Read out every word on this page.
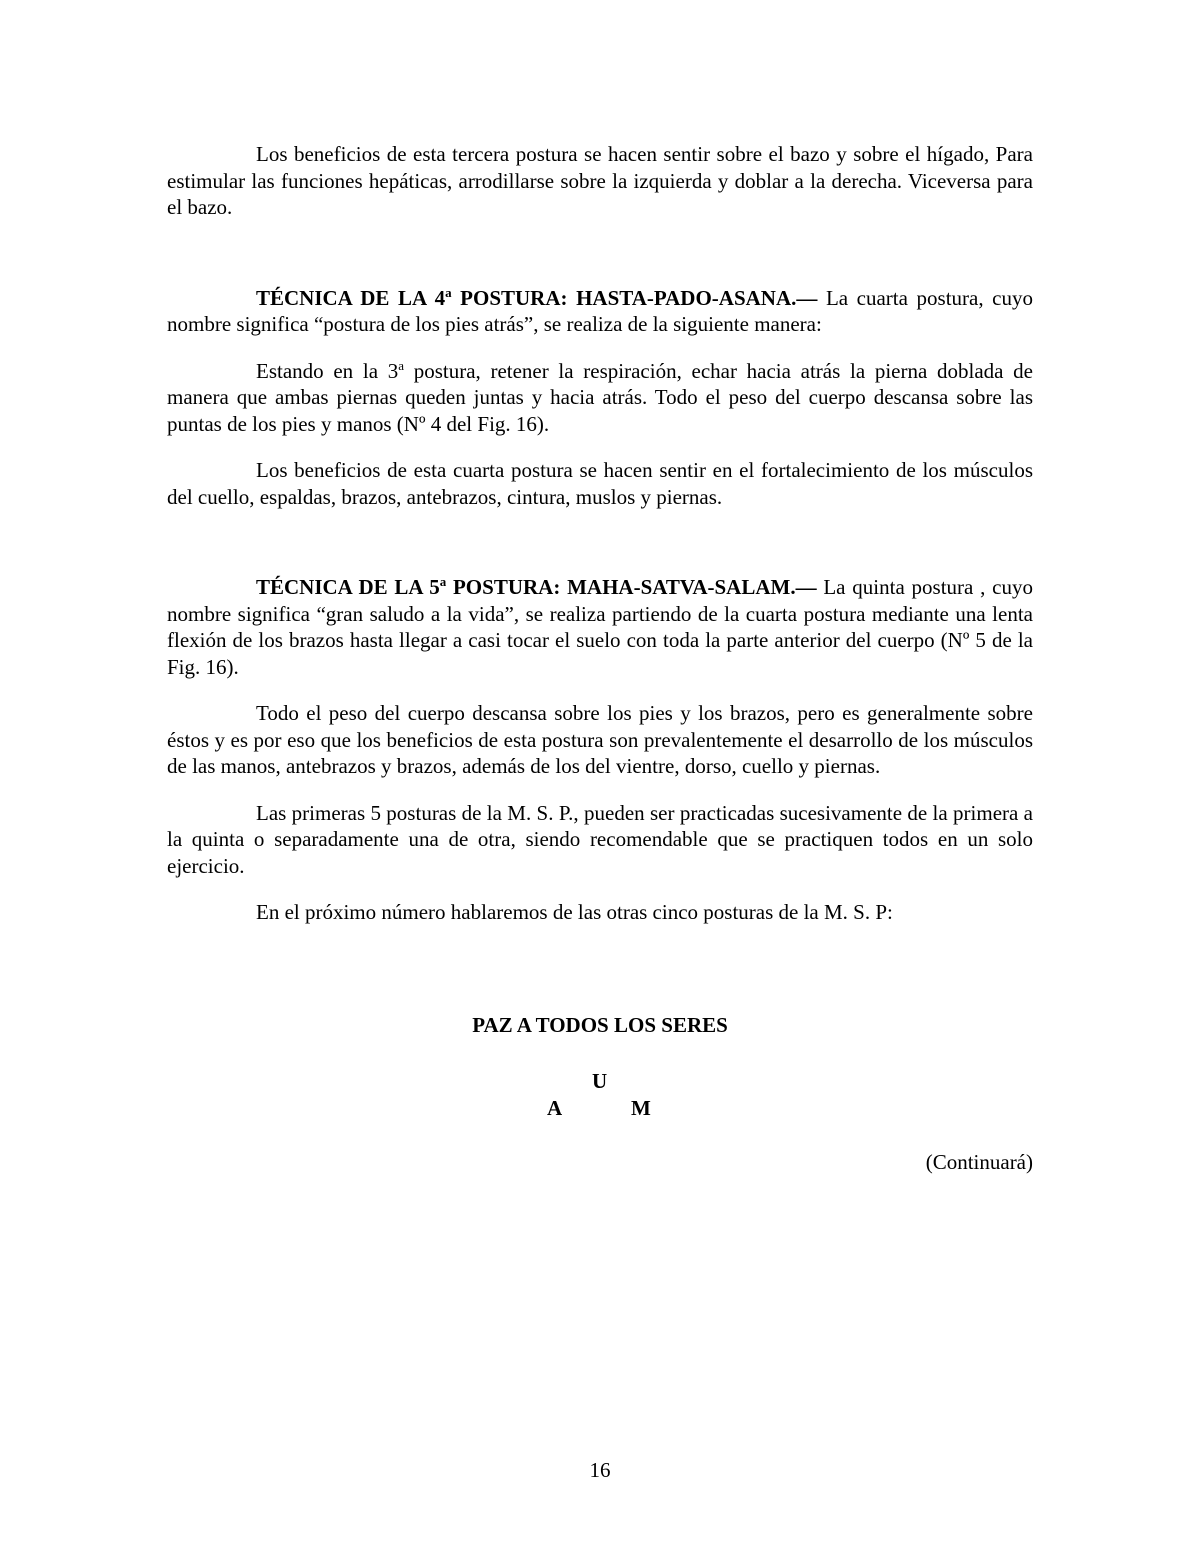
Los beneficios de esta tercera postura se hacen sentir sobre el bazo y sobre el hígado, Para estimular las funciones hepáticas, arrodillarse sobre la izquierda y doblar a la derecha. Viceversa para el bazo.

TÉCNICA DE LA 4$^a$ POSTURA: HASTA-PADO-ASANA.— La cuarta postura, cuyo nombre significa “postura de los pies atrás”, se realiza de la siguiente manera:

Estando en la 3$^a$ postura, retener la respiración, echar hacia atrás la pierna doblada de manera que ambas piernas queden juntas y hacia atrás. Todo el peso del cuerpo descansa sobre las puntas de los pies y manos (Nº 4 del Fig. 16).

Los beneficios de esta cuarta postura se hacen sentir en el fortalecimiento de los músculos del cuello, espaldas, brazos, antebrazos, cintura, muslos y piernas.

TÉCNICA DE LA 5$^a$ POSTURA: MAHA-SATVA-SALAM.— La quinta postura , cuyo nombre significa “gran saludo a la vida”, se realiza partiendo de la cuarta postura mediante una lenta flexión de los brazos hasta llegar a casi tocar el suelo con toda la parte anterior del cuerpo (Nº 5 de la Fig. 16).

Todo el peso del cuerpo descansa sobre los pies y los brazos, pero es generalmente sobre éstos y es por eso que los beneficios de esta postura son prevalentemente el desarrollo de los músculos de las manos, antebrazos y brazos, además de los del vientre, dorso, cuello y piernas.

Las primeras 5 posturas de la M. S. P., pueden ser practicadas sucesivamente de la primera a la quinta o separadamente una de otra, siendo recomendable que se practiquen todos en un solo ejercicio.

En el próximo número hablaremos de las otras cinco posturas de la M. S. P:

PAZ A TODOS LOS SERES
U
A	M
(Continuará)
16
